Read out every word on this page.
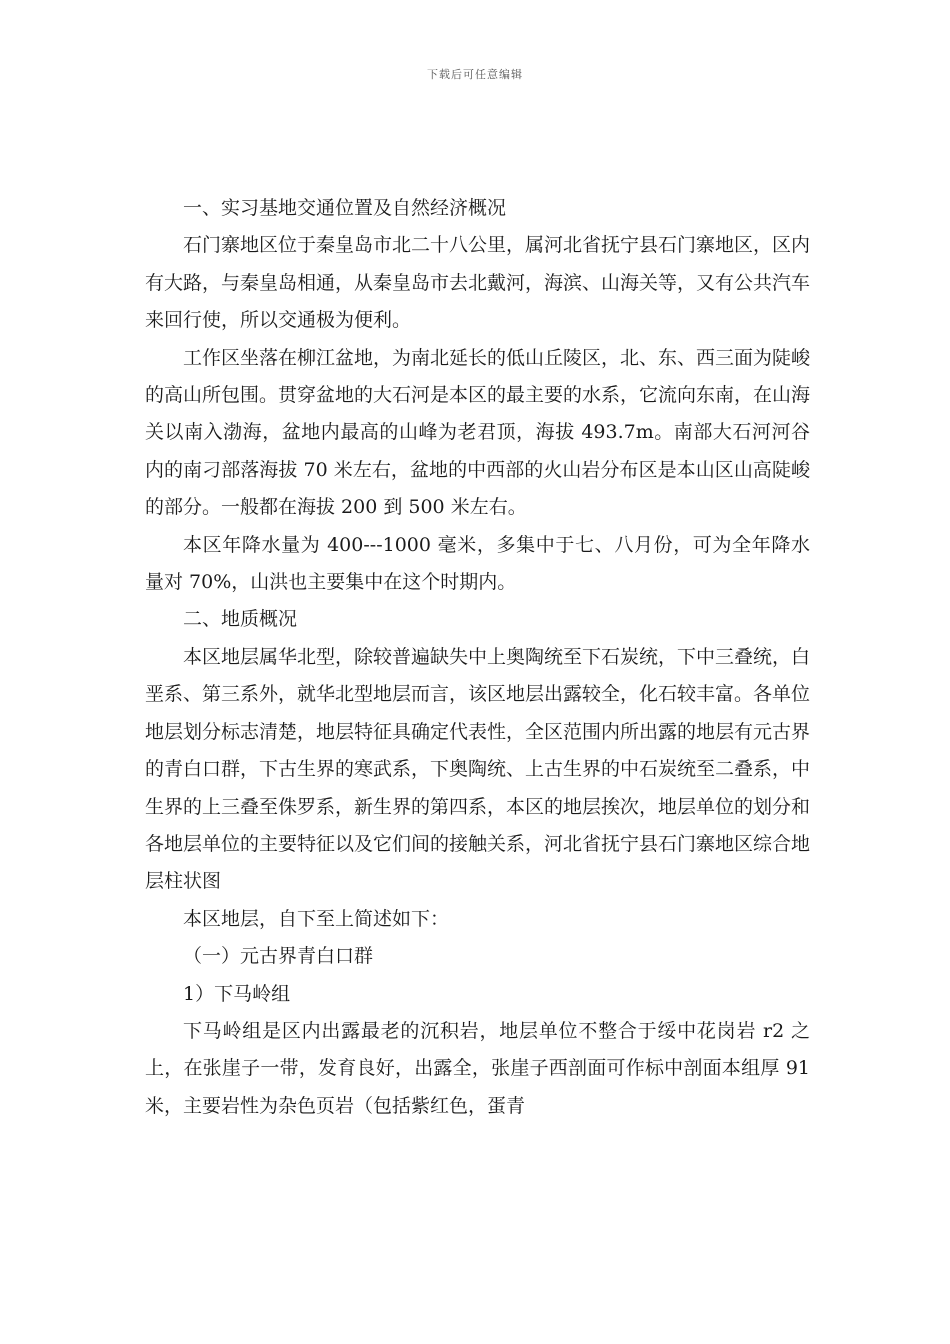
下载后可任意编辑

一、实习基地交通位置及自然经济概况

石门寨地区位于秦皇岛市北二十八公里，属河北省抚宁县石门寨地区，区内有大路，与秦皇岛相通，从秦皇岛市去北戴河，海滨、山海关等，又有公共汽车来回行使，所以交通极为便利。

工作区坐落在柳江盆地，为南北延长的低山丘陵区，北、东、西三面为陡峻的高山所包围。贯穿盆地的大石河是本区的最主要的水系，它流向东南，在山海关以南入渤海，盆地内最高的山峰为老君顶，海拔 493.7m。南部大石河河谷内的南刁部落海拔 70 米左右，盆地的中西部的火山岩分布区是本山区山高陡峻的部分。一般都在海拔 200 到 500 米左右。

本区年降水量为 400---1000 毫米，多集中于七、八月份，可为全年降水量对 70%，山洪也主要集中在这个时期内。

二、地质概况

本区地层属华北型，除较普遍缺失中上奥陶统至下石炭统，下中三叠统，白垩系、第三系外，就华北型地层而言，该区地层出露较全，化石较丰富。各单位地层划分标志清楚，地层特征具确定代表性，全区范围内所出露的地层有元古界的青白口群，下古生界的寒武系，下奥陶统、上古生界的中石炭统至二叠系，中生界的上三叠至侏罗系，新生界的第四系，本区的地层挨次，地层单位的划分和各地层单位的主要特征以及它们间的接触关系，河北省抚宁县石门寨地区综合地层柱状图

本区地层，自下至上简述如下：

（一）元古界青白口群

1）下马岭组

下马岭组是区内出露最老的沉积岩，地层单位不整合于绥中花岗岩 r2 之上，在张崖子一带，发育良好，出露全，张崖子西剖面可作标中剖面本组厚 91 米，主要岩性为杂色页岩（包括紫红色，蛋青
